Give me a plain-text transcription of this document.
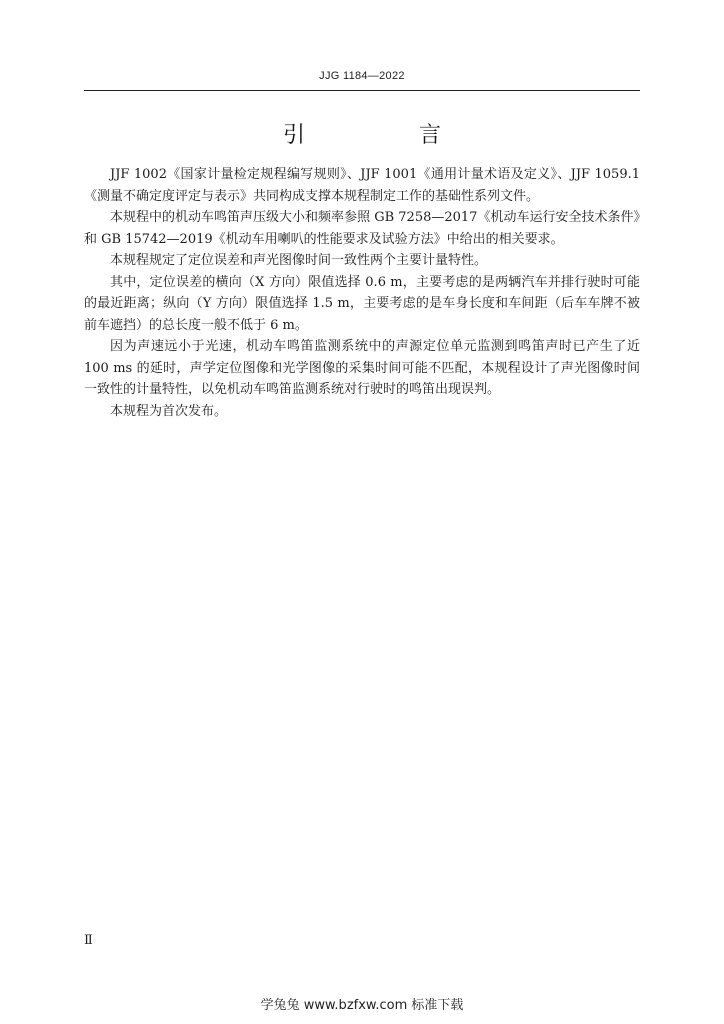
JJG 1184—2022
引　言

JJF 1002《国家计量检定规程编写规则》、JJF 1001《通用计量术语及定义》、JJF 1059.1《测量不确定度评定与表示》共同构成支撑本规程制定工作的基础性系列文件。

本规程中的机动车鸣笛声压级大小和频率参照 GB 7258—2017《机动车运行安全技术条件》和 GB 15742—2019《机动车用喇叭的性能要求及试验方法》中给出的相关要求。

本规程规定了定位误差和声光图像时间一致性两个主要计量特性。

其中，定位误差的横向（X 方向）限值选择 0.6 m，主要考虑的是两辆汽车并排行驶时可能的最近距离；纵向（Y 方向）限值选择 1.5 m，主要考虑的是车身长度和车间距（后车车牌不被前车遮挡）的总长度一般不低于 6 m。

因为声速远小于光速，机动车鸣笛监测系统中的声源定位单元监测到鸣笛声时已产生了近 100 ms 的延时，声学定位图像和光学图像的采集时间可能不匹配，本规程设计了声光图像时间一致性的计量特性，以免机动车鸣笛监测系统对行驶时的鸣笛出现误判。

本规程为首次发布。

Ⅱ
学兔兔 www.bzfxw.com 标准下载
